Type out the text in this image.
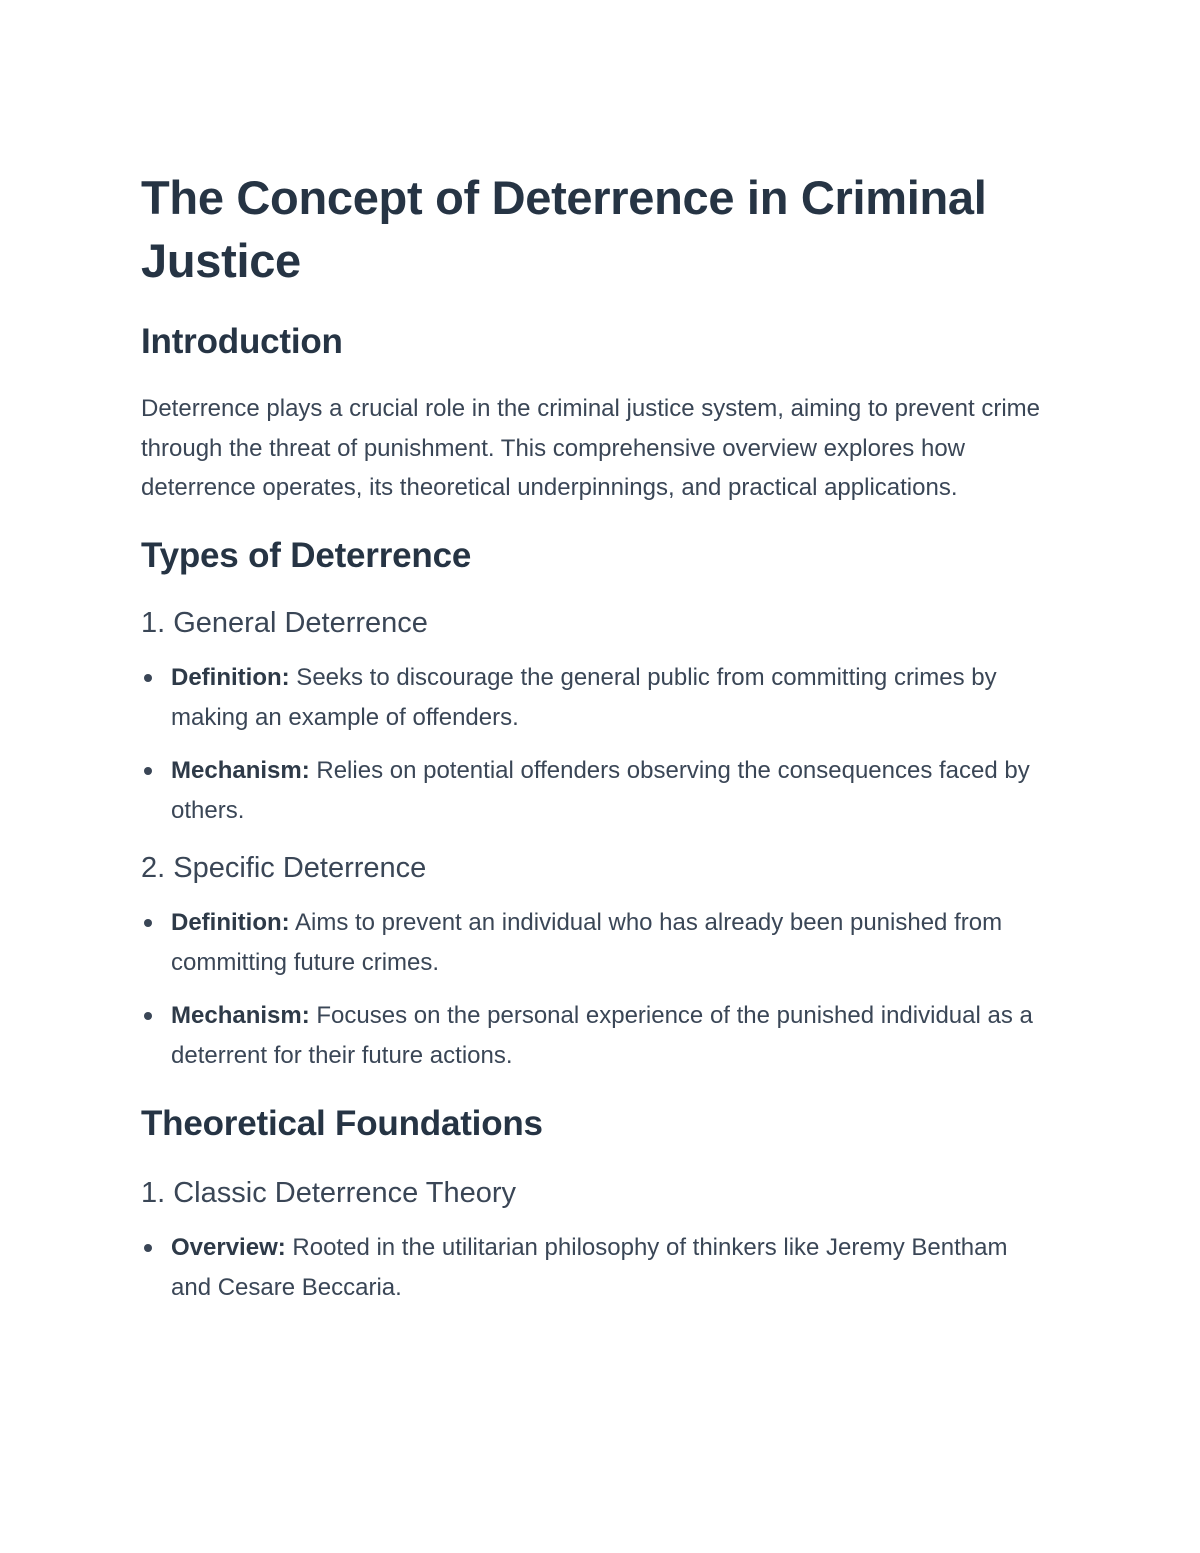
The Concept of Deterrence in Criminal Justice
Introduction

Deterrence plays a crucial role in the criminal justice system, aiming to prevent crime through the threat of punishment. This comprehensive overview explores how deterrence operates, its theoretical underpinnings, and practical applications.

Types of Deterrence
1. General Deterrence
Definition: Seeks to discourage the general public from committing crimes by making an example of offenders.
Mechanism: Relies on potential offenders observing the consequences faced by others.
2. Specific Deterrence
Definition: Aims to prevent an individual who has already been punished from committing future crimes.
Mechanism: Focuses on the personal experience of the punished individual as a deterrent for their future actions.
Theoretical Foundations
1. Classic Deterrence Theory
Overview: Rooted in the utilitarian philosophy of thinkers like Jeremy Bentham and Cesare Beccaria.
